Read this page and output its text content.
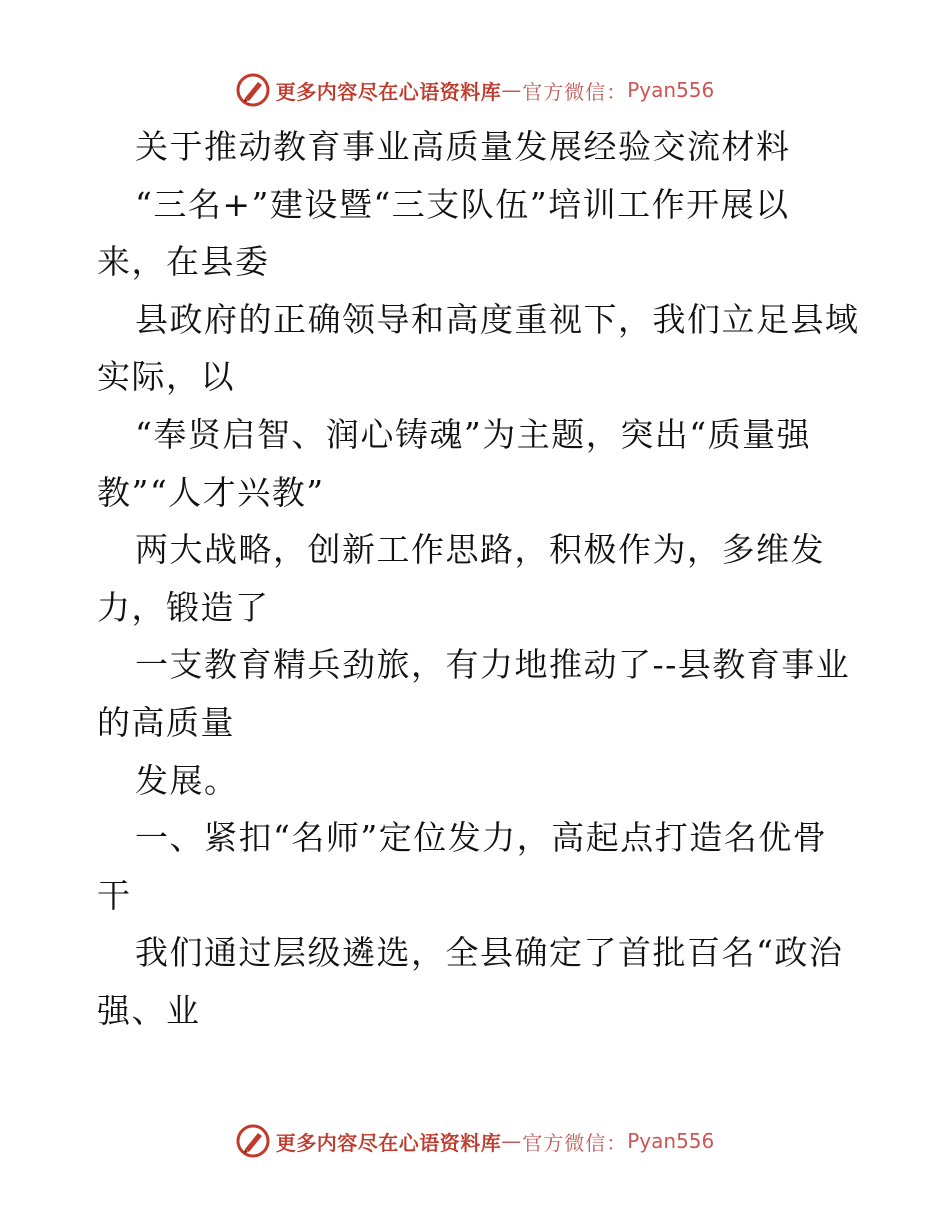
更多内容尽在心语资料库 — 官方微信： Pyan556
关于推动教育事业高质量发展经验交流材料
“三名+”建设暨“三支队伍”培训工作开展以
来，在县委
县政府的正确领导和高度重视下，我们立足县域
实际，以
“奉贤启智、润心铸魂”为主题，突出“质量强
教”“人才兴教”
两大战略，创新工作思路，积极作为，多维发
力，锻造了
一支教育精兵劲旅，有力地推动了--县教育事业
的高质量
发展。
一、紧扣“名师”定位发力，高起点打造名优骨
干
我们通过层级遴选，全县确定了首批百名“政治
强、业
更多内容尽在心语资料库 — 官方微信： Pyan556
